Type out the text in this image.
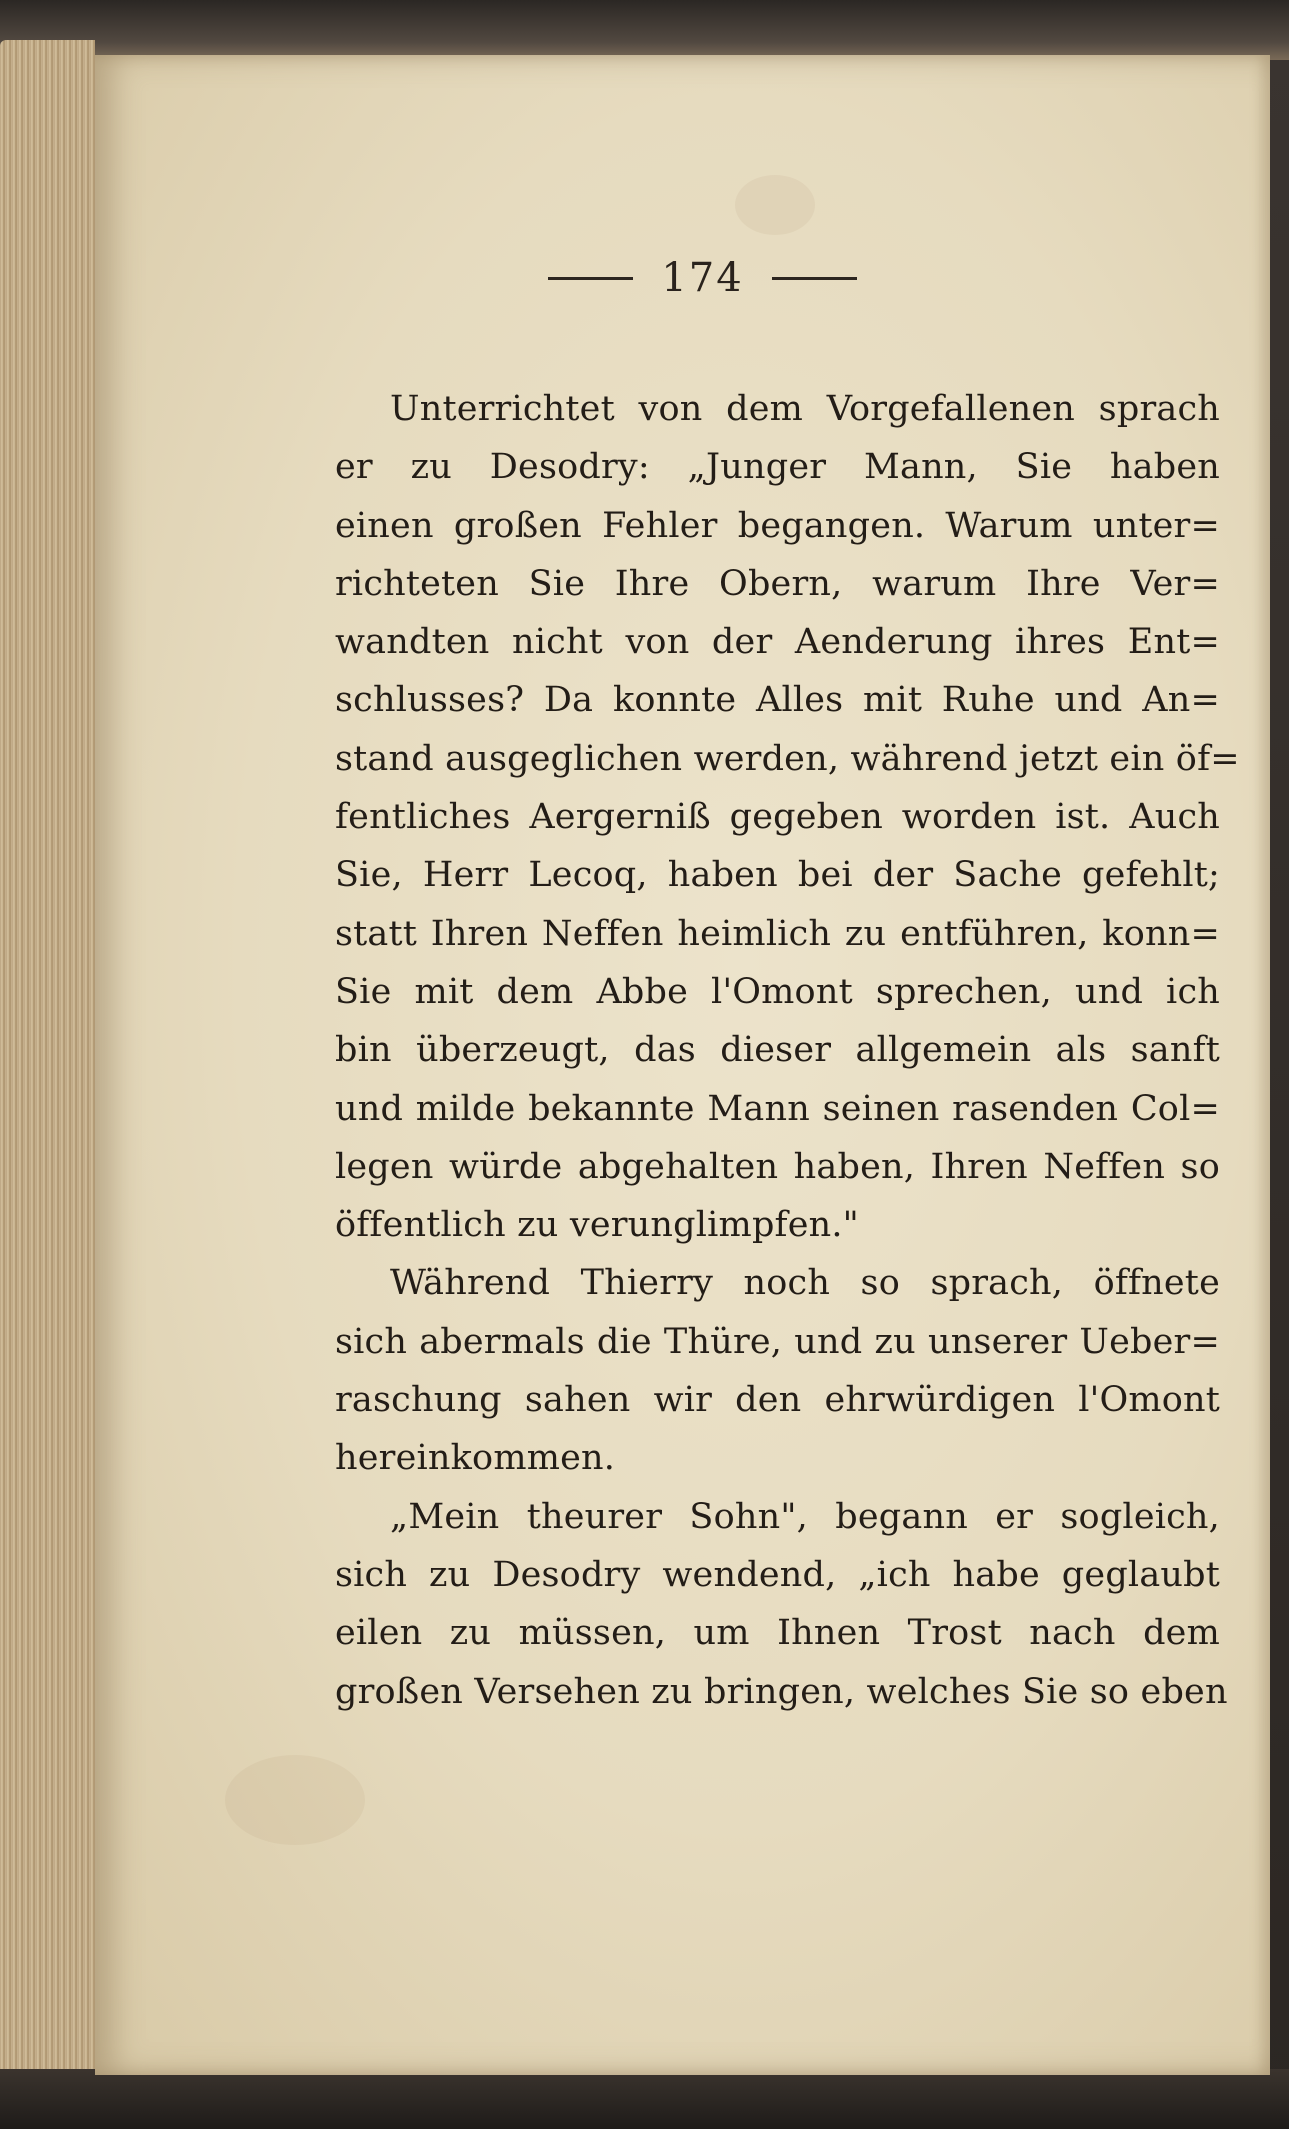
174
Unterrichtet von dem Vorgefallenen sprach
er zu Desodry: „Junger Mann, Sie haben
einen großen Fehler begangen. Warum unter=
richteten Sie Ihre Obern, warum Ihre Ver=
wandten nicht von der Aenderung ihres Ent=
schlusses? Da konnte Alles mit Ruhe und An=
stand ausgeglichen werden, während jetzt ein öf=
fentliches Aergerniß gegeben worden ist. Auch
Sie, Herr Lecoq, haben bei der Sache gefehlt;
statt Ihren Neffen heimlich zu entführen, konn=
Sie mit dem Abbe l'Omont sprechen, und ich
bin überzeugt, das dieser allgemein als sanft
und milde bekannte Mann seinen rasenden Col=
legen würde abgehalten haben, Ihren Neffen so
öffentlich zu verunglimpfen."
Während Thierry noch so sprach, öffnete
sich abermals die Thüre, und zu unserer Ueber=
raschung sahen wir den ehrwürdigen l'Omont
hereinkommen.
„Mein theurer Sohn", begann er sogleich,
sich zu Desodry wendend, „ich habe geglaubt
eilen zu müssen, um Ihnen Trost nach dem
großen Versehen zu bringen, welches Sie so eben
